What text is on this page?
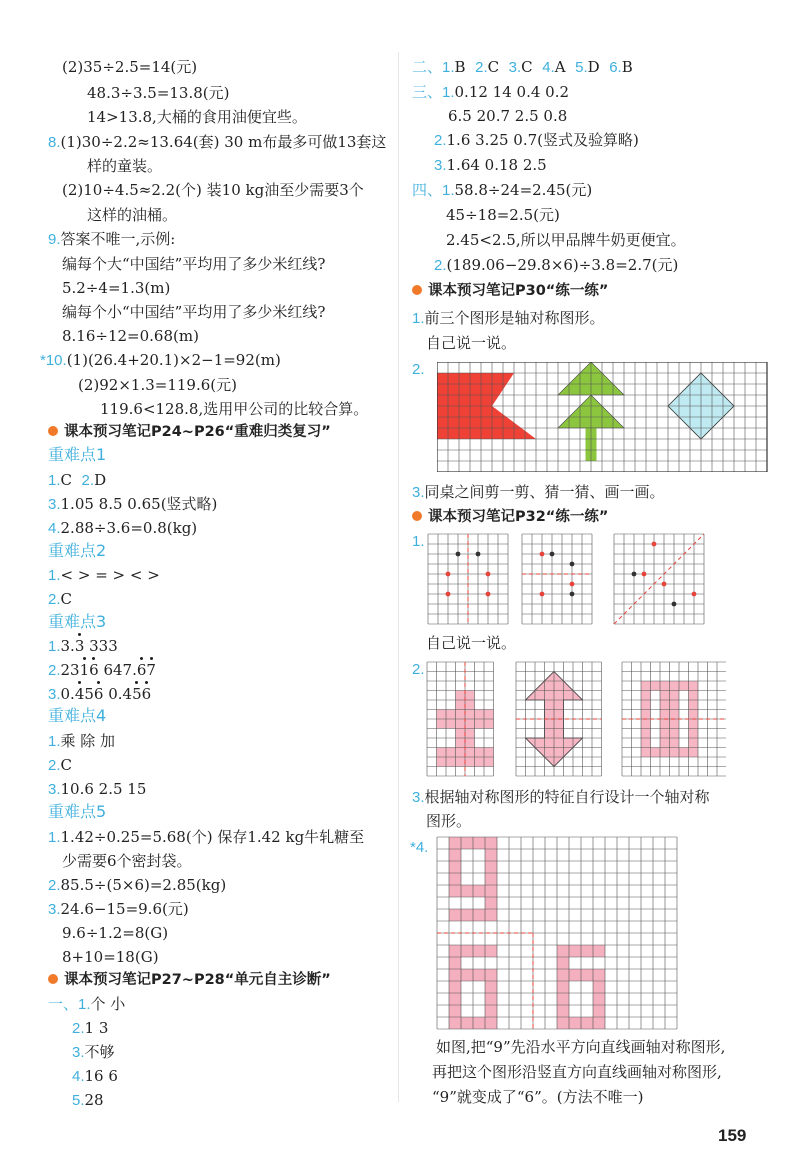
(2)35÷2.5=14(元)
48.3÷3.5=13.8(元)
14>13.8,大桶的食用油便宜些。
8.(1)30÷2.2≈13.64(套) 30 m布最多可做13套这
样的童装。
(2)10÷4.5≈2.2(个) 装10 kg油至少需要3个
这样的油桶。
9.答案不唯一,示例:
编每个大“中国结”平均用了多少米红线?
5.2÷4=1.3(m)
编每个小“中国结”平均用了多少米红线?
8.16÷12=0.68(m)
*10.(1)(26.4+20.1)×2−1=92(m)
(2)92×1.3=119.6(元)
119.6<128.8,选用甲公司的比较合算。
课本预习笔记P24~P26“重难归类复习”
重难点1
1.C 2.D
3.1.05 8.5 0.65(竖式略)
4.2.88÷3.6=0.8(kg)
重难点2
1.< > = > < >
2.C
重难点3
1.3.3 333
2.2316 647.67
3.0.456 0.456
重难点4
1.乘 除 加
2.C
3.10.6 2.5 15
重难点5
1.1.42÷0.25=5.68(个) 保存1.42 kg牛轧糖至
少需要6个密封袋。
2.85.5÷(5×6)=2.85(kg)
3.24.6−15=9.6(元)
9.6÷1.2=8(G)
8+10=18(G)
课本预习笔记P27~P28“单元自主诊断”
一、1.个 小
2.1 3
3.不够
4.16 6
5.28
二、1.B 2.C 3.C 4.A 5.D 6.B
三、1.0.12 14 0.4 0.2
6.5 20.7 2.5 0.8
2.1.6 3.25 0.7(竖式及验算略)
3.1.64 0.18 2.5
四、1.58.8÷24=2.45(元)
45÷18=2.5(元)
2.45<2.5,所以甲品牌牛奶更便宜。
2.(189.06−29.8×6)÷3.8=2.7(元)
课本预习笔记P30“练一练”
1.前三个图形是轴对称图形。
自己说一说。
2.
3.同桌之间剪一剪、猜一猜、画一画。
课本预习笔记P32“练一练”
1.
自己说一说。
2.
3.根据轴对称图形的特征自行设计一个轴对称
图形。
*4.
如图,把“9”先沿水平方向直线画轴对称图形,
再把这个图形沿竖直方向直线画轴对称图形,
“9”就变成了“6”。(方法不唯一)
159
